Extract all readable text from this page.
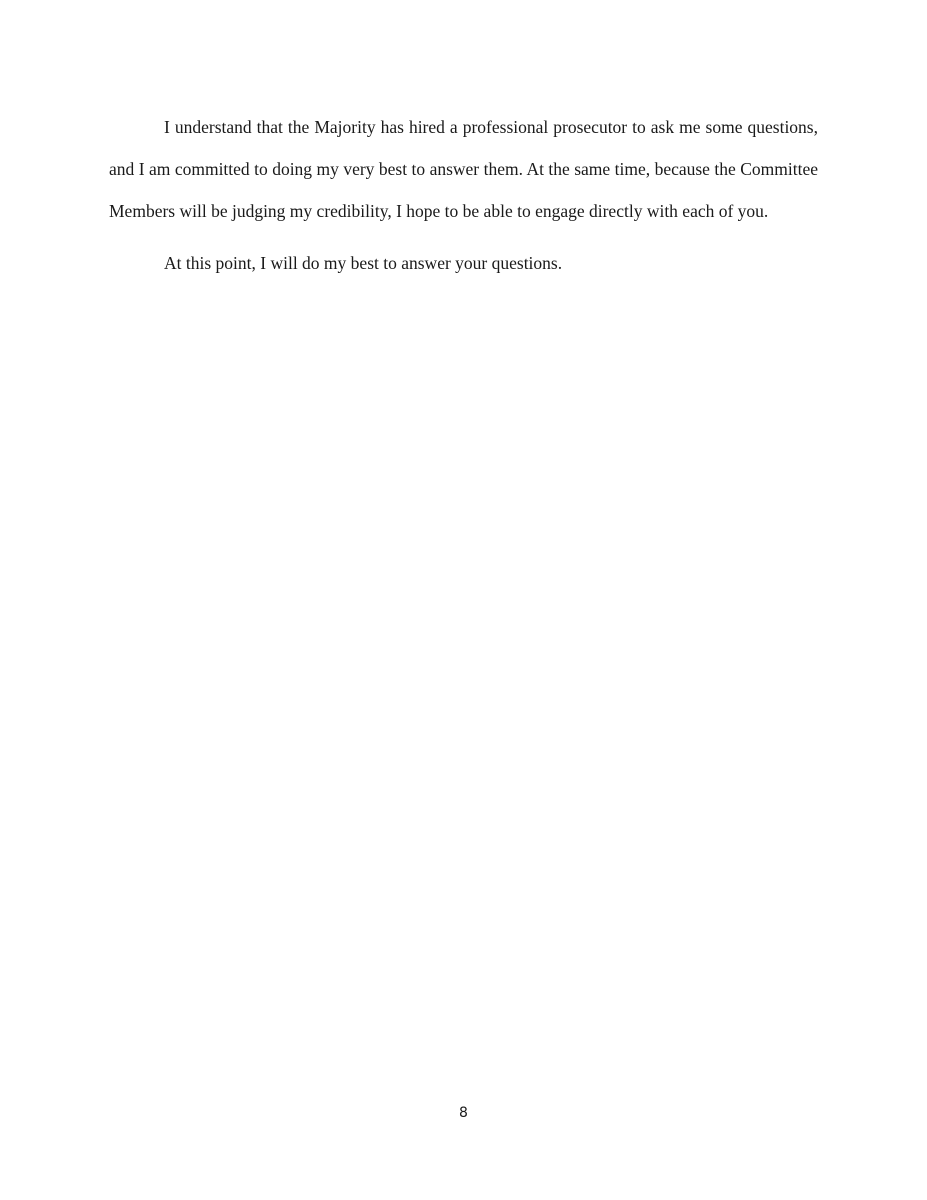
I understand that the Majority has hired a professional prosecutor to ask me some questions, and I am committed to doing my very best to answer them. At the same time, because the Committee Members will be judging my credibility, I hope to be able to engage directly with each of you.

At this point, I will do my best to answer your questions.

8
